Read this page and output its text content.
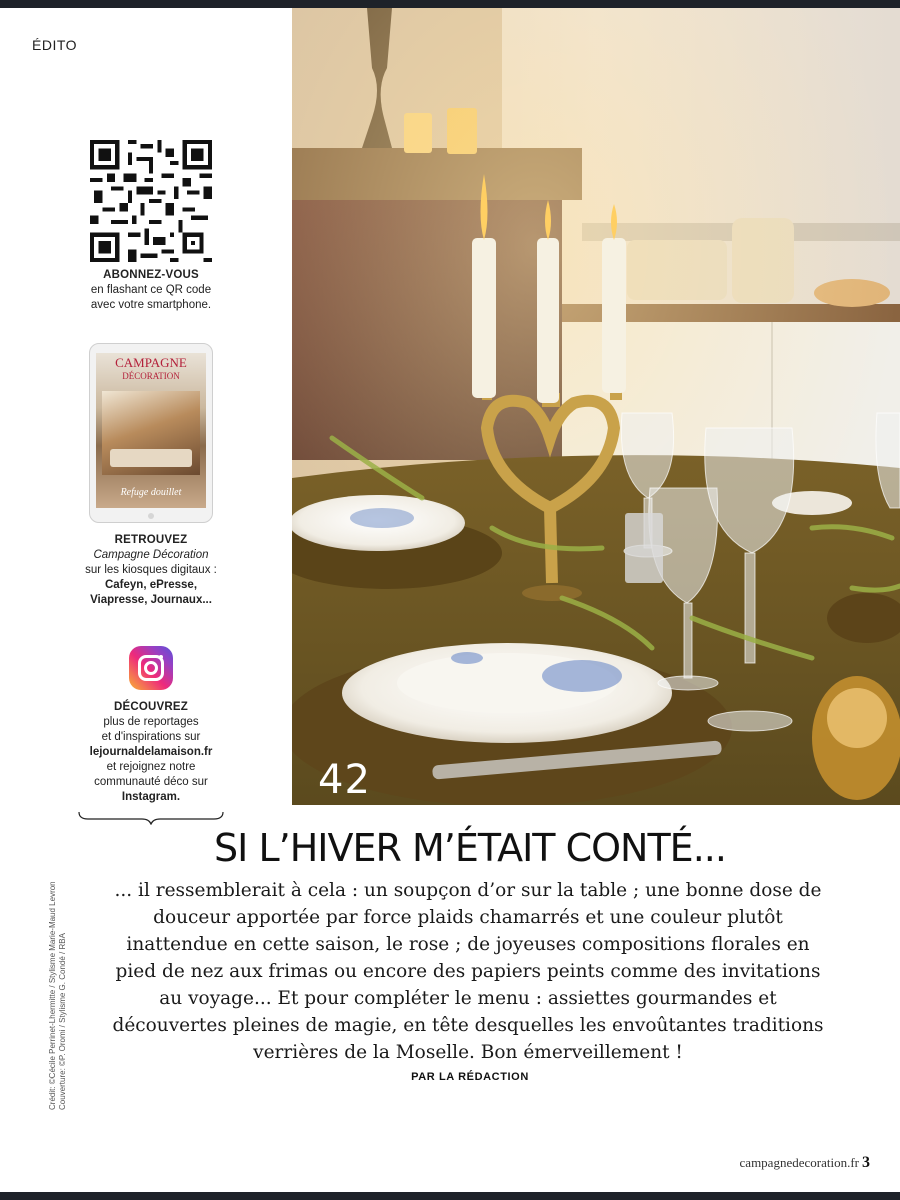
ÉDITO
ABONNEZ-VOUS
en flashant ce QR code
avec votre smartphone.
CAMPAGNE
DÉCORATION
Refuge douillet
RETROUVEZ
Campagne Décoration
sur les kiosques digitaux :
Cafeyn, ePresse,
Viapresse, Journaux...
DÉCOUVREZ
plus de reportages
et d'inspirations sur
lejournaldelamaison.fr
et rejoignez notre
communauté déco sur
Instagram.	42
Crédit: ©Cécile Perrinet-Lhermitte / Stylisme Marie-Maud Levron Couverture: ©P. Oromi / Stylisme G. Condé / RBA
SI L’HIVER M’ÉTAIT CONTÉ...
... il ressemblerait à cela : un soupçon d’or sur la table ; une bonne dose de douceur apportée par force plaids chamarrés et une couleur plutôt inattendue en cette saison, le rose ; de joyeuses compositions florales en pied de nez aux frimas ou encore des papiers peints comme des invitations au voyage... Et pour compléter le menu : assiettes gourmandes et découvertes pleines de magie, en tête desquelles les envoûtantes traditions verrières de la Moselle. Bon émerveillement !
PAR LA RÉDACTION
campagnedecoration.fr 3
